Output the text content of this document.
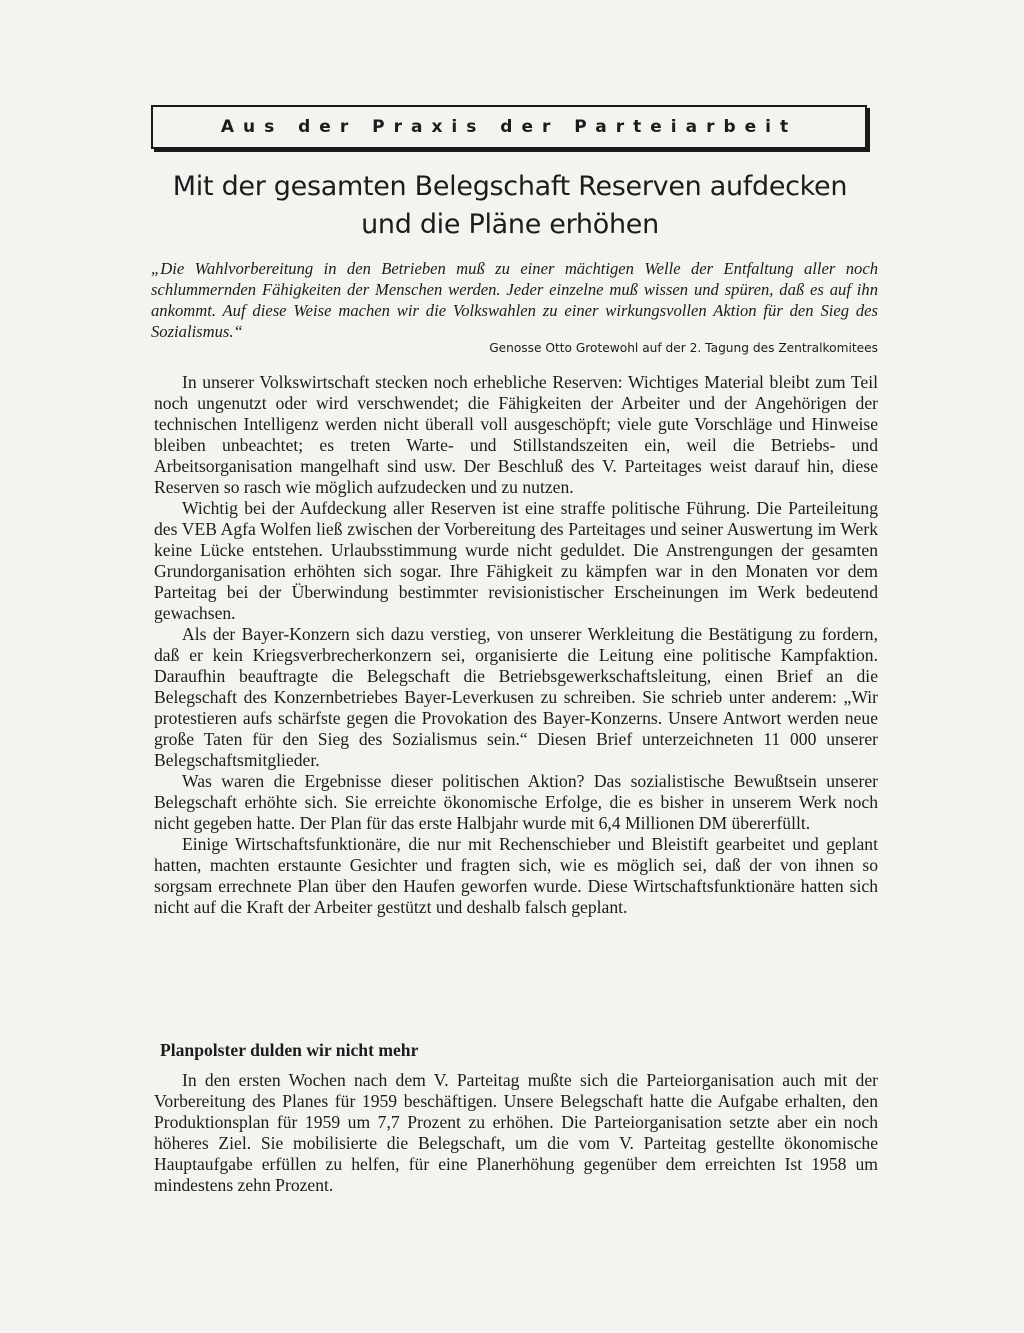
Aus der Praxis der Parteiarbeit
Mit der gesamten Belegschaft Reserven aufdecken
und die Pläne erhöhen

„Die Wahlvorbereitung in den Betrieben muß zu einer mächtigen Welle der Entfaltung aller noch schlummernden Fähigkeiten der Menschen werden. Jeder einzelne muß wissen und spüren, daß es auf ihn ankommt. Auf diese Weise machen wir die Volkswahlen zu einer wirkungsvollen Aktion für den Sieg des Sozialismus.“

Genosse Otto Grotewohl auf der 2. Tagung des Zentralkomitees

In unserer Volkswirtschaft stecken noch erhebliche Reserven: Wichtiges Material bleibt zum Teil noch ungenutzt oder wird verschwendet; die Fähigkeiten der Arbeiter und der Angehörigen der technischen Intelligenz werden nicht überall voll ausgeschöpft; viele gute Vorschläge und Hinweise bleiben unbeachtet; es treten Warte- und Stillstandszeiten ein, weil die Betriebs- und Arbeitsorganisation mangelhaft sind usw. Der Beschluß des V. Parteitages weist darauf hin, diese Reserven so rasch wie möglich aufzudecken und zu nutzen.

Wichtig bei der Aufdeckung aller Reserven ist eine straffe politische Führung. Die Parteileitung des VEB Agfa Wolfen ließ zwischen der Vorbereitung des Parteitages und seiner Auswertung im Werk keine Lücke entstehen. Urlaubsstimmung wurde nicht geduldet. Die Anstrengungen der gesamten Grundorganisation erhöhten sich sogar. Ihre Fähigkeit zu kämpfen war in den Monaten vor dem Parteitag bei der Überwindung bestimmter revisionistischer Erscheinungen im Werk bedeutend gewachsen.

Als der Bayer-Konzern sich dazu verstieg, von unserer Werkleitung die Bestätigung zu fordern, daß er kein Kriegsverbrecherkonzern sei, organisierte die Leitung eine politische Kampfaktion. Daraufhin beauftragte die Belegschaft die Betriebsgewerkschaftsleitung, einen Brief an die Belegschaft des Konzernbetriebes Bayer-Leverkusen zu schreiben. Sie schrieb unter anderem: „Wir protestieren aufs schärfste gegen die Provokation des Bayer-Konzerns. Unsere Antwort werden neue große Taten für den Sieg des Sozialismus sein.“ Diesen Brief unterzeichneten 11 000 unserer Belegschaftsmitglieder.

Was waren die Ergebnisse dieser politischen Aktion? Das sozialistische Bewußtsein unserer Belegschaft erhöhte sich. Sie erreichte ökonomische Erfolge, die es bisher in unserem Werk noch nicht gegeben hatte. Der Plan für das erste Halbjahr wurde mit 6,4 Millionen DM übererfüllt.

Einige Wirtschaftsfunktionäre, die nur mit Rechenschieber und Bleistift gearbeitet und geplant hatten, machten erstaunte Gesichter und fragten sich, wie es möglich sei, daß der von ihnen so sorgsam errechnete Plan über den Haufen geworfen wurde. Diese Wirtschaftsfunktionäre hatten sich nicht auf die Kraft der Arbeiter gestützt und deshalb falsch geplant.

Planpolster dulden wir nicht mehr

In den ersten Wochen nach dem V. Parteitag mußte sich die Parteiorganisation auch mit der Vorbereitung des Planes für 1959 beschäftigen. Unsere Belegschaft hatte die Aufgabe erhalten, den Produktionsplan für 1959 um 7,7 Prozent zu erhöhen. Die Parteiorganisation setzte aber ein noch höheres Ziel. Sie mobilisierte die Belegschaft, um die vom V. Parteitag gestellte ökonomische Hauptaufgabe erfüllen zu helfen, für eine Planerhöhung gegenüber dem erreichten Ist 1958 um mindestens zehn Prozent.
